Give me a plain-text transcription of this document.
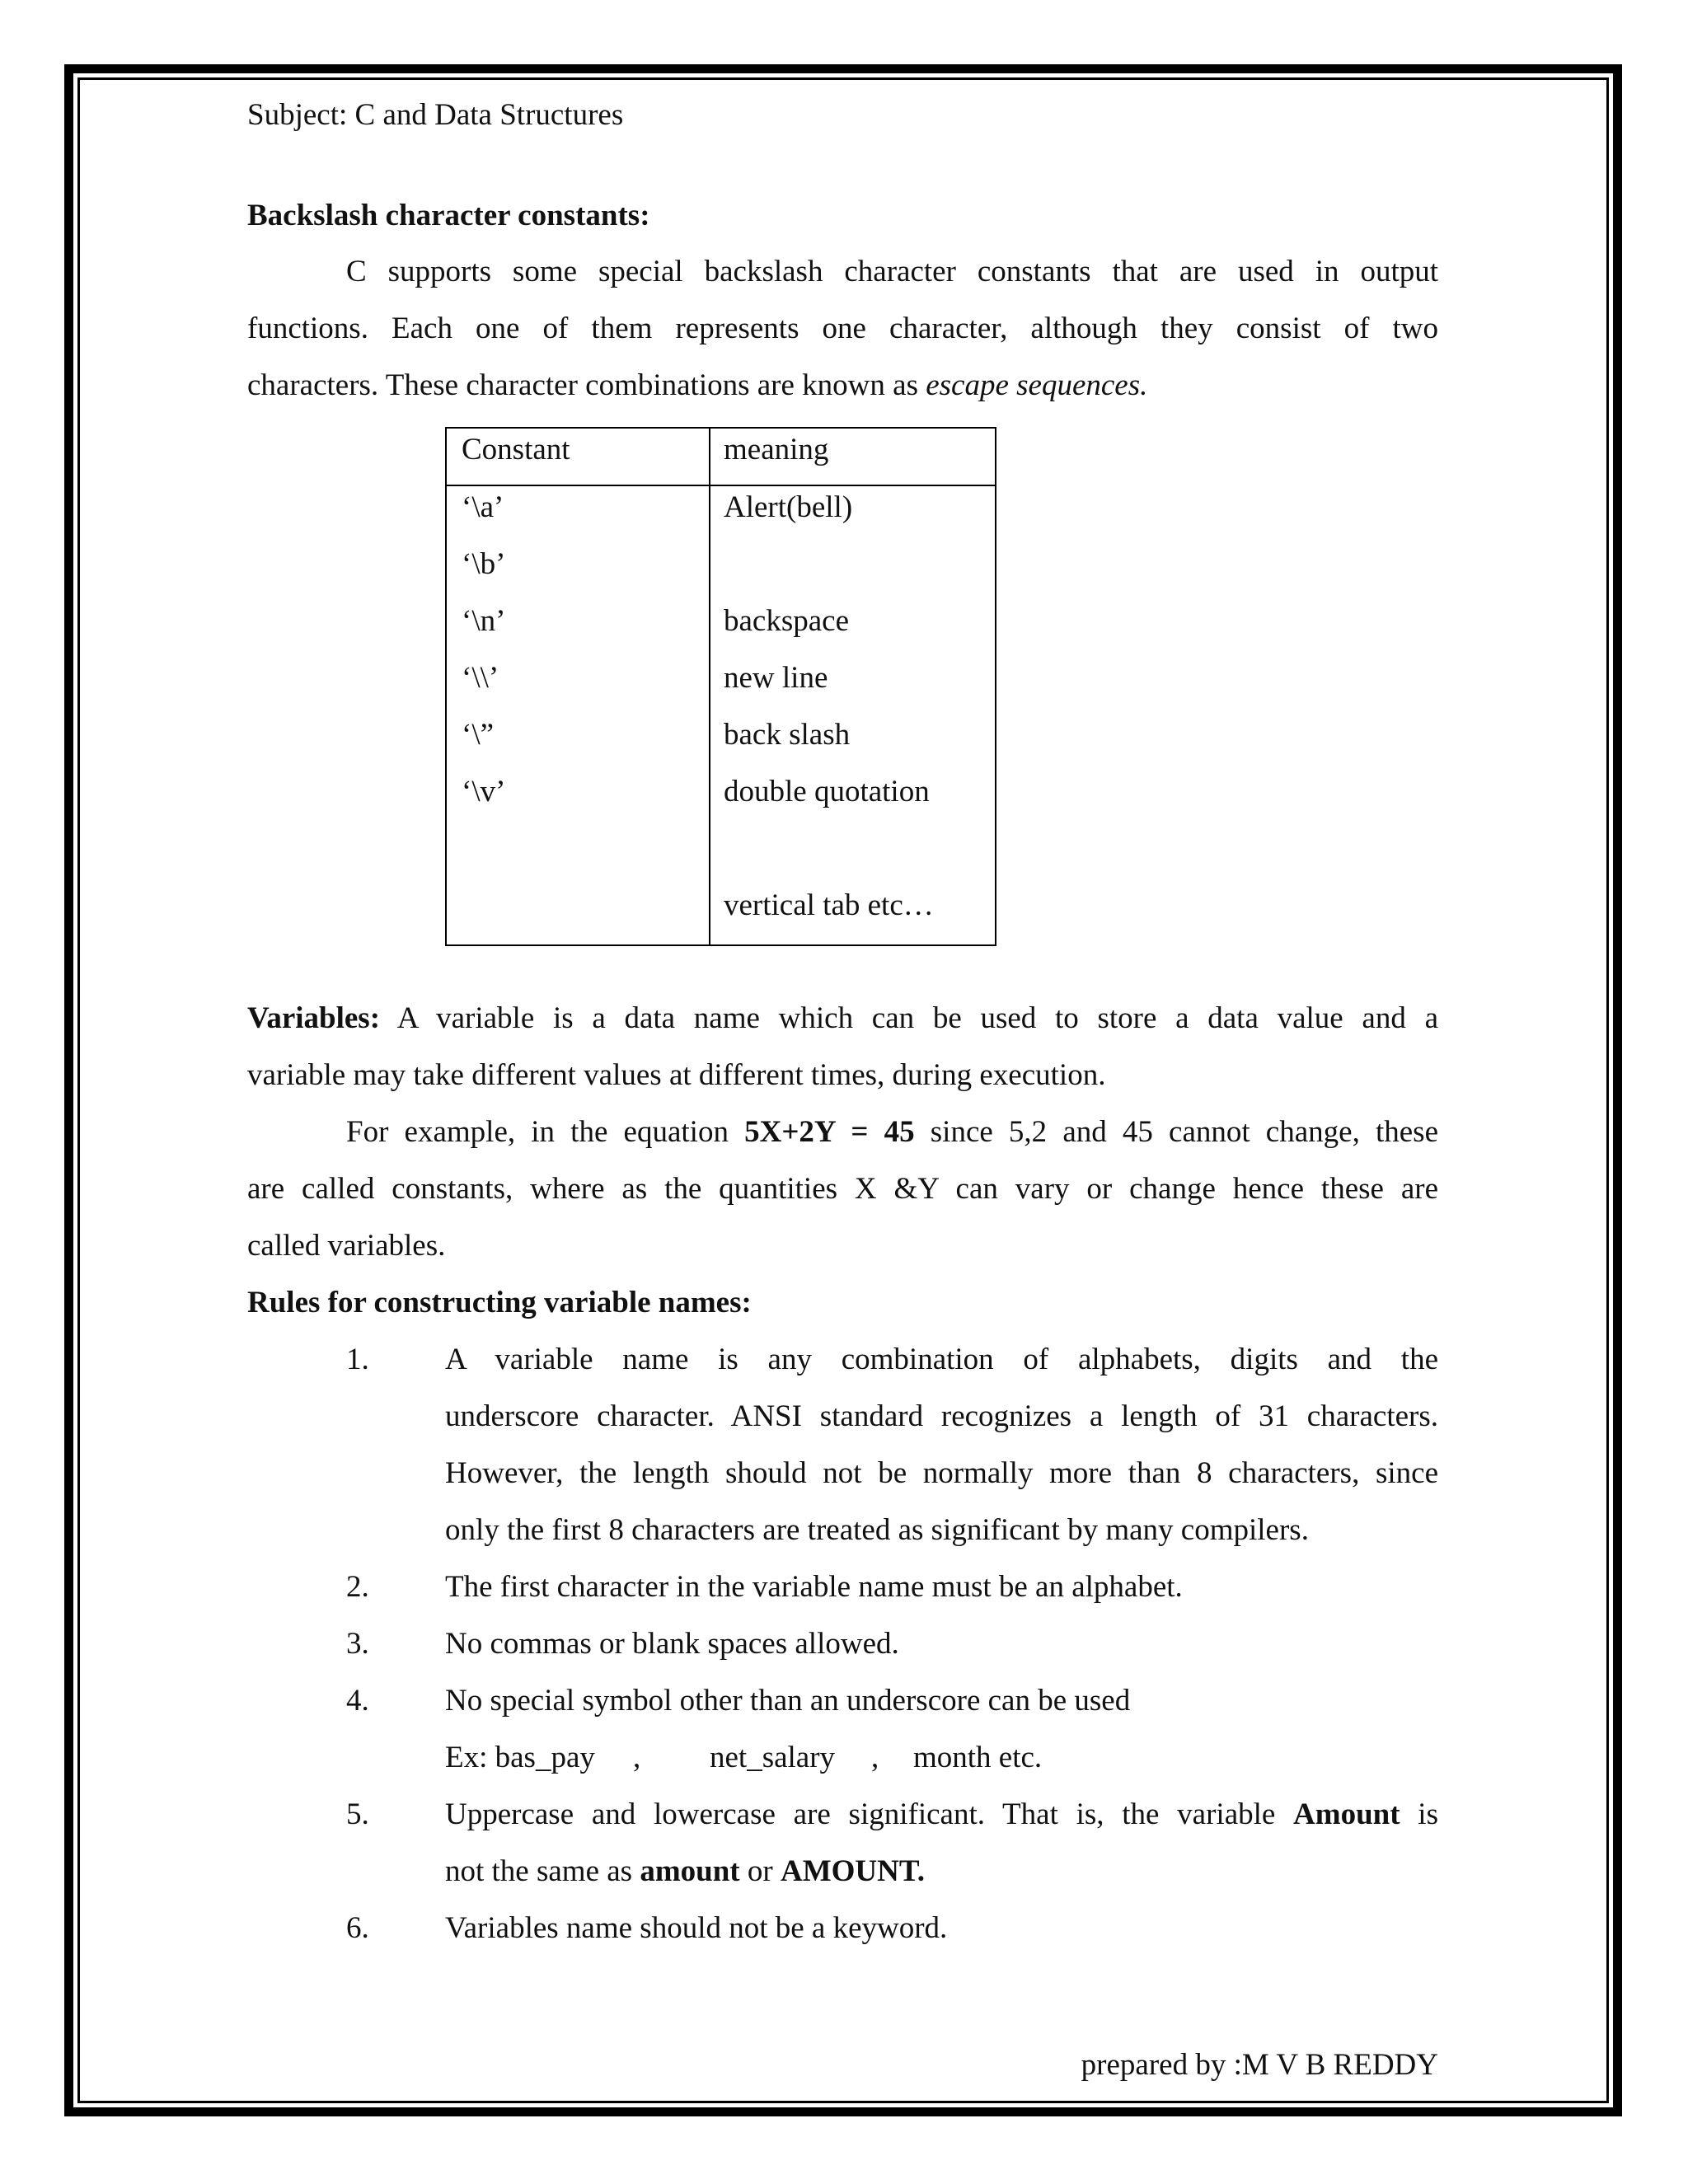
Subject: C and Data Structures
Backslash character constants:
C supports some special backslash character constants that are used in output
functions. Each one of them represents one character, although they consist of two
characters. These character combinations are known as escape sequences.
Constant	meaning
‘\a’
‘\b’
‘\n’
‘\\’
‘\”
‘\v’
Alert(bell)
backspace
new line
back slash
double quotation
vertical tab etc…
Variables: A variable is a data name which can be used to store a data value and a
variable may take different values at different times, during execution.
For example, in the equation 5X+2Y = 45 since 5,2 and 45 cannot change, these
are called constants, where as the quantities X &Y can vary or change hence these are
called variables.
Rules for constructing variable names:
1. A variable name is any combination of alphabets, digits and the
underscore character. ANSI standard recognizes a length of 31 characters.
However, the length should not be normally more than 8 characters, since
only the first 8 characters are treated as significant by many compilers.
2. The first character in the variable name must be an alphabet.
3. No commas or blank spaces allowed.
4. No special symbol other than an underscore can be used
Ex: bas_pay , net_salary , month etc.
5. Uppercase and lowercase are significant. That is, the variable Amount is
not the same as amount or AMOUNT.
6. Variables name should not be a keyword.
prepared by :M V B REDDY
